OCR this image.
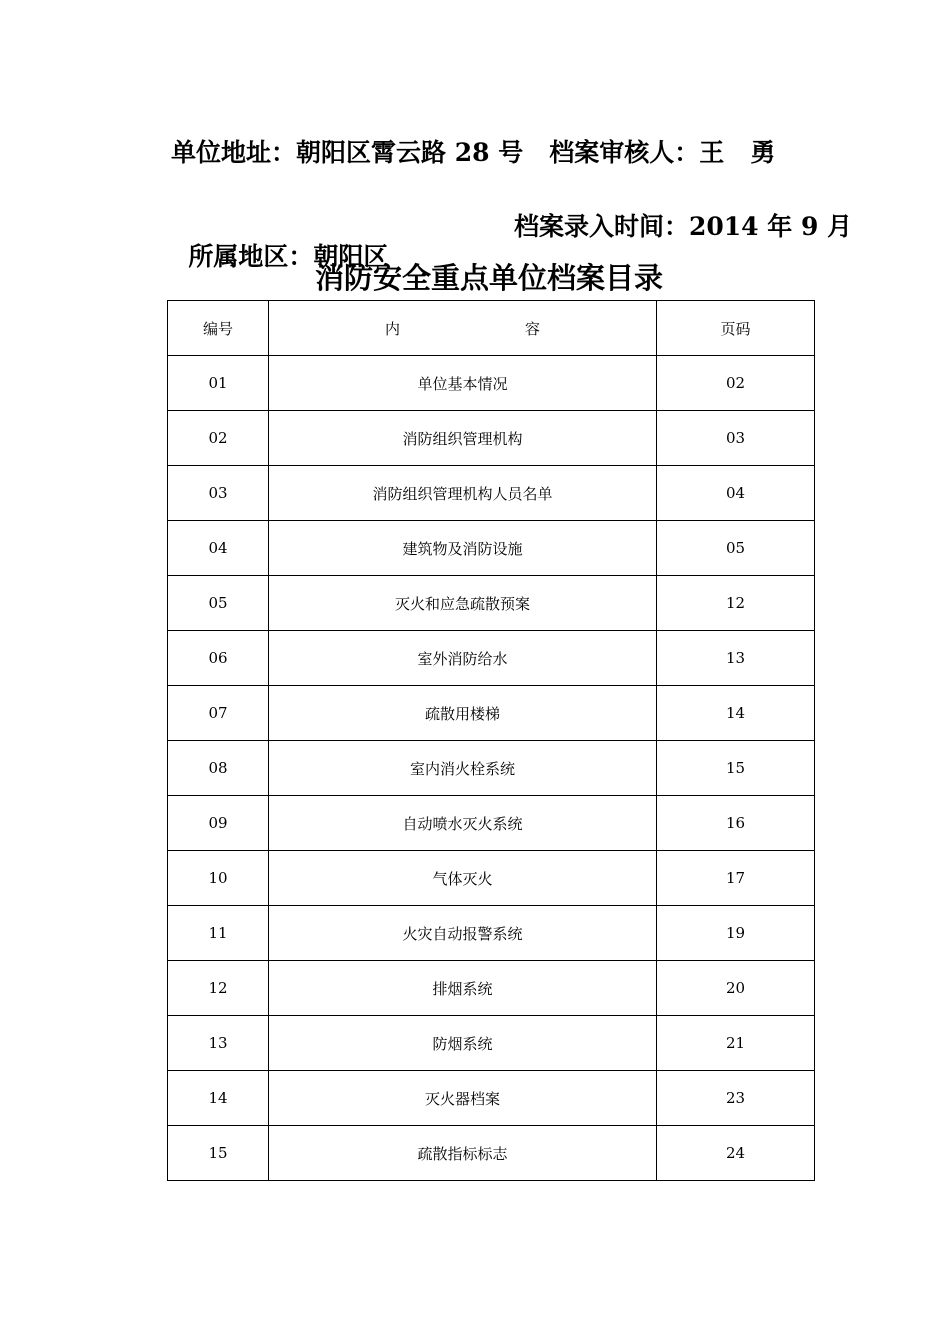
单位地址：朝阳区霄云路 28 号   档案审核人：王   勇

所属地区：朝阳区

档案录入时间：2014 年 9 月

消防安全重点单位档案目录
编号	内容	页码
01	单位基本情况	02
02	消防组织管理机构	03
03	消防组织管理机构人员名单	04
04	建筑物及消防设施	05
05	灭火和应急疏散预案	12
06	室外消防给水	13
07	疏散用楼梯	14
08	室内消火栓系统	15
09	自动喷水灭火系统	16
10	气体灭火	17
11	火灾自动报警系统	19
12	排烟系统	20
13	防烟系统	21
14	灭火器档案	23
15	疏散指标标志	24
